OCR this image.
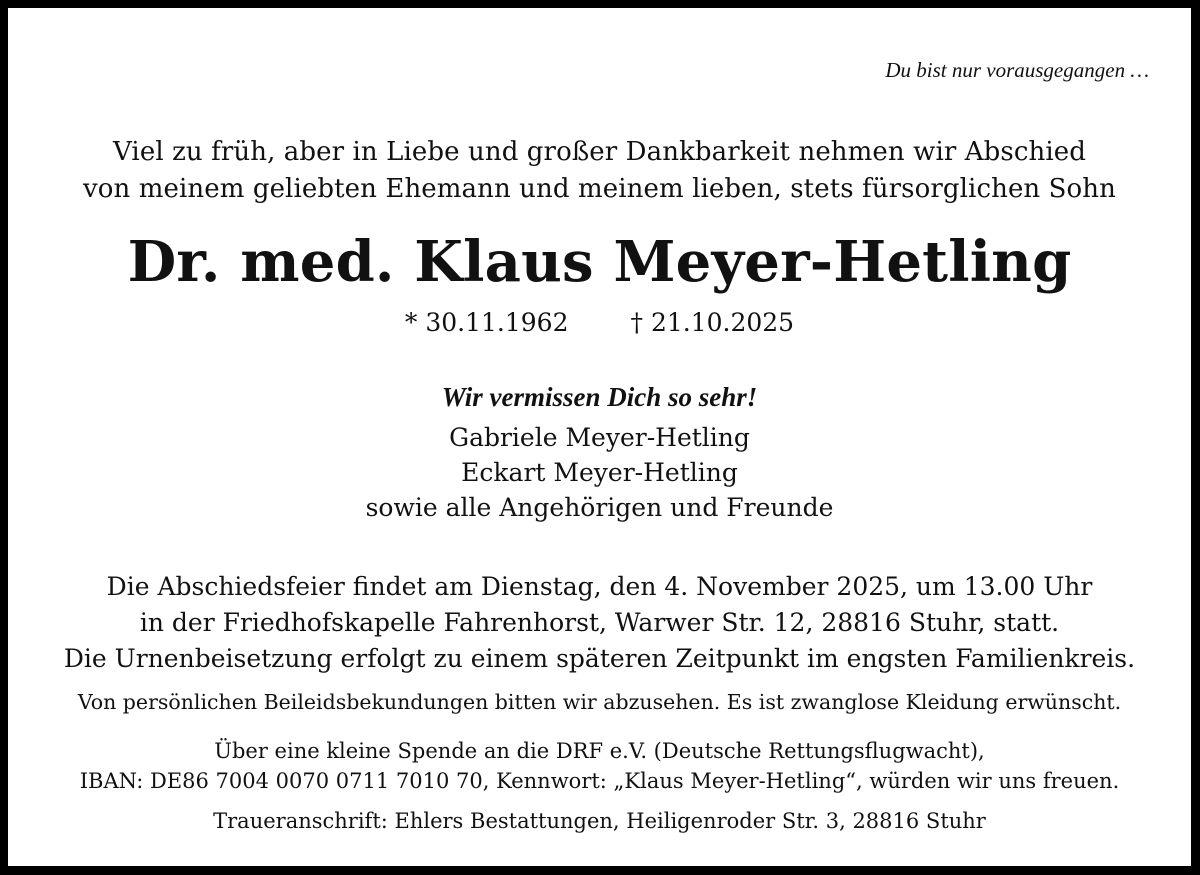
Du bist nur vorausgegangen …
Viel zu früh, aber in Liebe und großer Dankbarkeit nehmen wir Abschied
von meinem geliebten Ehemann und meinem lieben, stets fürsorglichen Sohn
Dr. med. Klaus Meyer-Hetling
* 30.11.1962 † 21.10.2025
Wir vermissen Dich so sehr!
Gabriele Meyer-Hetling
Eckart Meyer-Hetling
sowie alle Angehörigen und Freunde
Die Abschiedsfeier findet am Dienstag, den 4. November 2025, um 13.00 Uhr
in der Friedhofskapelle Fahrenhorst, Warwer Str. 12, 28816 Stuhr, statt.
Die Urnenbeisetzung erfolgt zu einem späteren Zeitpunkt im engsten Familienkreis.
Von persönlichen Beileidsbekundungen bitten wir abzusehen. Es ist zwanglose Kleidung erwünscht.
Über eine kleine Spende an die DRF e.V. (Deutsche Rettungsflugwacht),
IBAN: DE86 7004 0070 0711 7010 70, Kennwort: „Klaus Meyer-Hetling“, würden wir uns freuen.
Traueranschrift: Ehlers Bestattungen, Heiligenroder Str. 3, 28816 Stuhr
